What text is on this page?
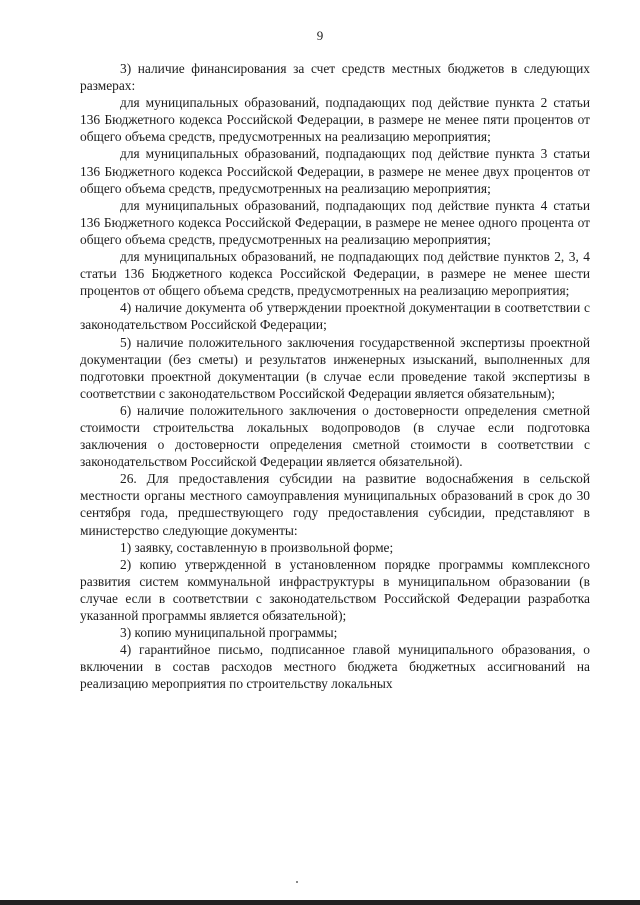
9

3) наличие финансирования за счет средств местных бюджетов в следующих размерах:

для муниципальных образований, подпадающих под действие пункта 2 статьи 136 Бюджетного кодекса Российской Федерации, в размере не менее пяти процентов от общего объема средств, предусмотренных на реализацию мероприятия;

для муниципальных образований, подпадающих под действие пункта 3 статьи 136 Бюджетного кодекса Российской Федерации, в размере не менее двух процентов от общего объема средств, предусмотренных на реализацию мероприятия;

для муниципальных образований, подпадающих под действие пункта 4 статьи 136 Бюджетного кодекса Российской Федерации, в размере не менее одного процента от общего объема средств, предусмотренных на реализацию мероприятия;

для муниципальных образований, не подпадающих под действие пунктов 2, 3, 4 статьи 136 Бюджетного кодекса Российской Федерации, в размере не менее шести процентов от общего объема средств, предусмотренных на реализацию мероприятия;

4) наличие документа об утверждении проектной документации в соответствии с законодательством Российской Федерации;

5) наличие положительного заключения государственной экспертизы проектной документации (без сметы) и результатов инженерных изысканий, выполненных для подготовки проектной документации (в случае если проведение такой экспертизы в соответствии с законодательством Российской Федерации является обязательным);

6) наличие положительного заключения о достоверности определения сметной стоимости строительства локальных водопроводов (в случае если подготовка заключения о достоверности определения сметной стоимости в соответствии с законодательством Российской Федерации является обязательной).

26. Для предоставления субсидии на развитие водоснабжения в сельской местности органы местного самоуправления муниципальных образований в срок до 30 сентября года, предшествующего году предоставления субсидии, представляют в министерство следующие документы:

1) заявку, составленную в произвольной форме;

2) копию утвержденной в установленном порядке программы комплексного развития систем коммунальной инфраструктуры в муниципальном образовании (в случае если в соответствии с законодательством Российской Федерации разработка указанной программы является обязательной);

3) копию муниципальной программы;

4) гарантийное письмо, подписанное главой муниципального образования, о включении в состав расходов местного бюджета бюджетных ассигнований на реализацию мероприятия по строительству локальных
